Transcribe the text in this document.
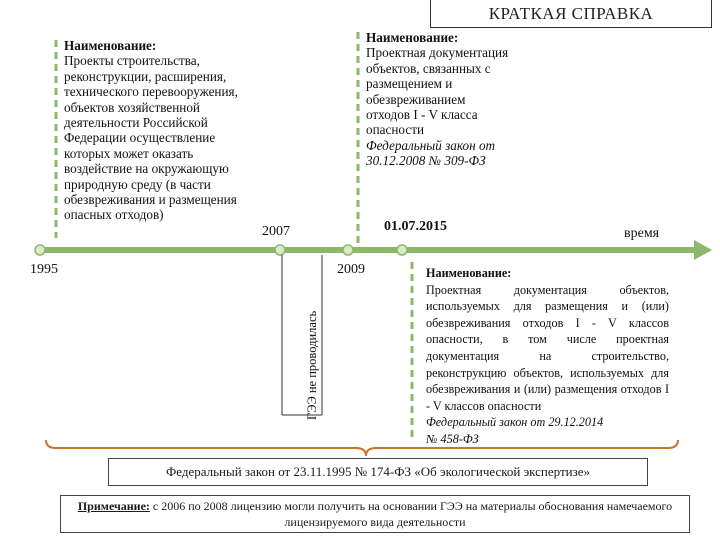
КРАТКАЯ СПРАВКА
Наименование:
Проекты строительства,
реконструкции, расширения,
технического перевооружения,
объектов хозяйственной
деятельности Российской
Федерации осуществление
которых может оказать
воздействие на окружающую
природную среду (в части
обезвреживания и размещения
опасных отходов)
Наименование:
Проектная документация
объектов, связанных с
размещением и
обезвреживанием
отходов I - V класса
опасности
Федеральный закон от
30.12.2008 № 309-ФЗ
1995
2007
2009
01.07.2015	время
ГЭЭ не проводилась
Наименование:
Проектная документация объектов, используемых для размещения и (или) обезвреживания отходов I - V классов опасности, в том числе проектная документация на строительство, реконструкцию объектов, используемых для обезвреживания и (или) размещения отходов I - V классов опасности
Федеральный закон от 29.12.2014
№ 458-ФЗ
Федеральный закон от 23.11.1995 № 174-ФЗ «Об экологической экспертизе»
Примечание: с 2006 по 2008 лицензию могли получить на основании ГЭЭ на материалы обоснования намечаемого лицензируемого вида деятельности
